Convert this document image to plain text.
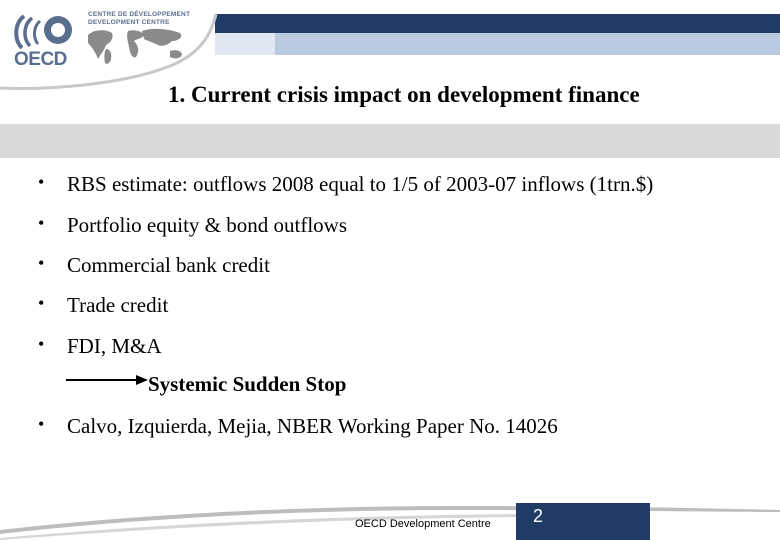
OECD
CENTRE DE DÉVELOPPEMENT DEVELOPMENT CENTRE
1. Current crisis impact on development finance
• RBS estimate: outflows 2008 equal to 1/5 of 2003-07 inflows (1trn.$)
• Portfolio equity & bond outflows
• Commercial bank credit
• Trade credit
• FDI, M&A
• Calvo, Izquierda, Mejia, NBER Working Paper No. 14026
Systemic Sudden Stop
OECD Development Centre 2
